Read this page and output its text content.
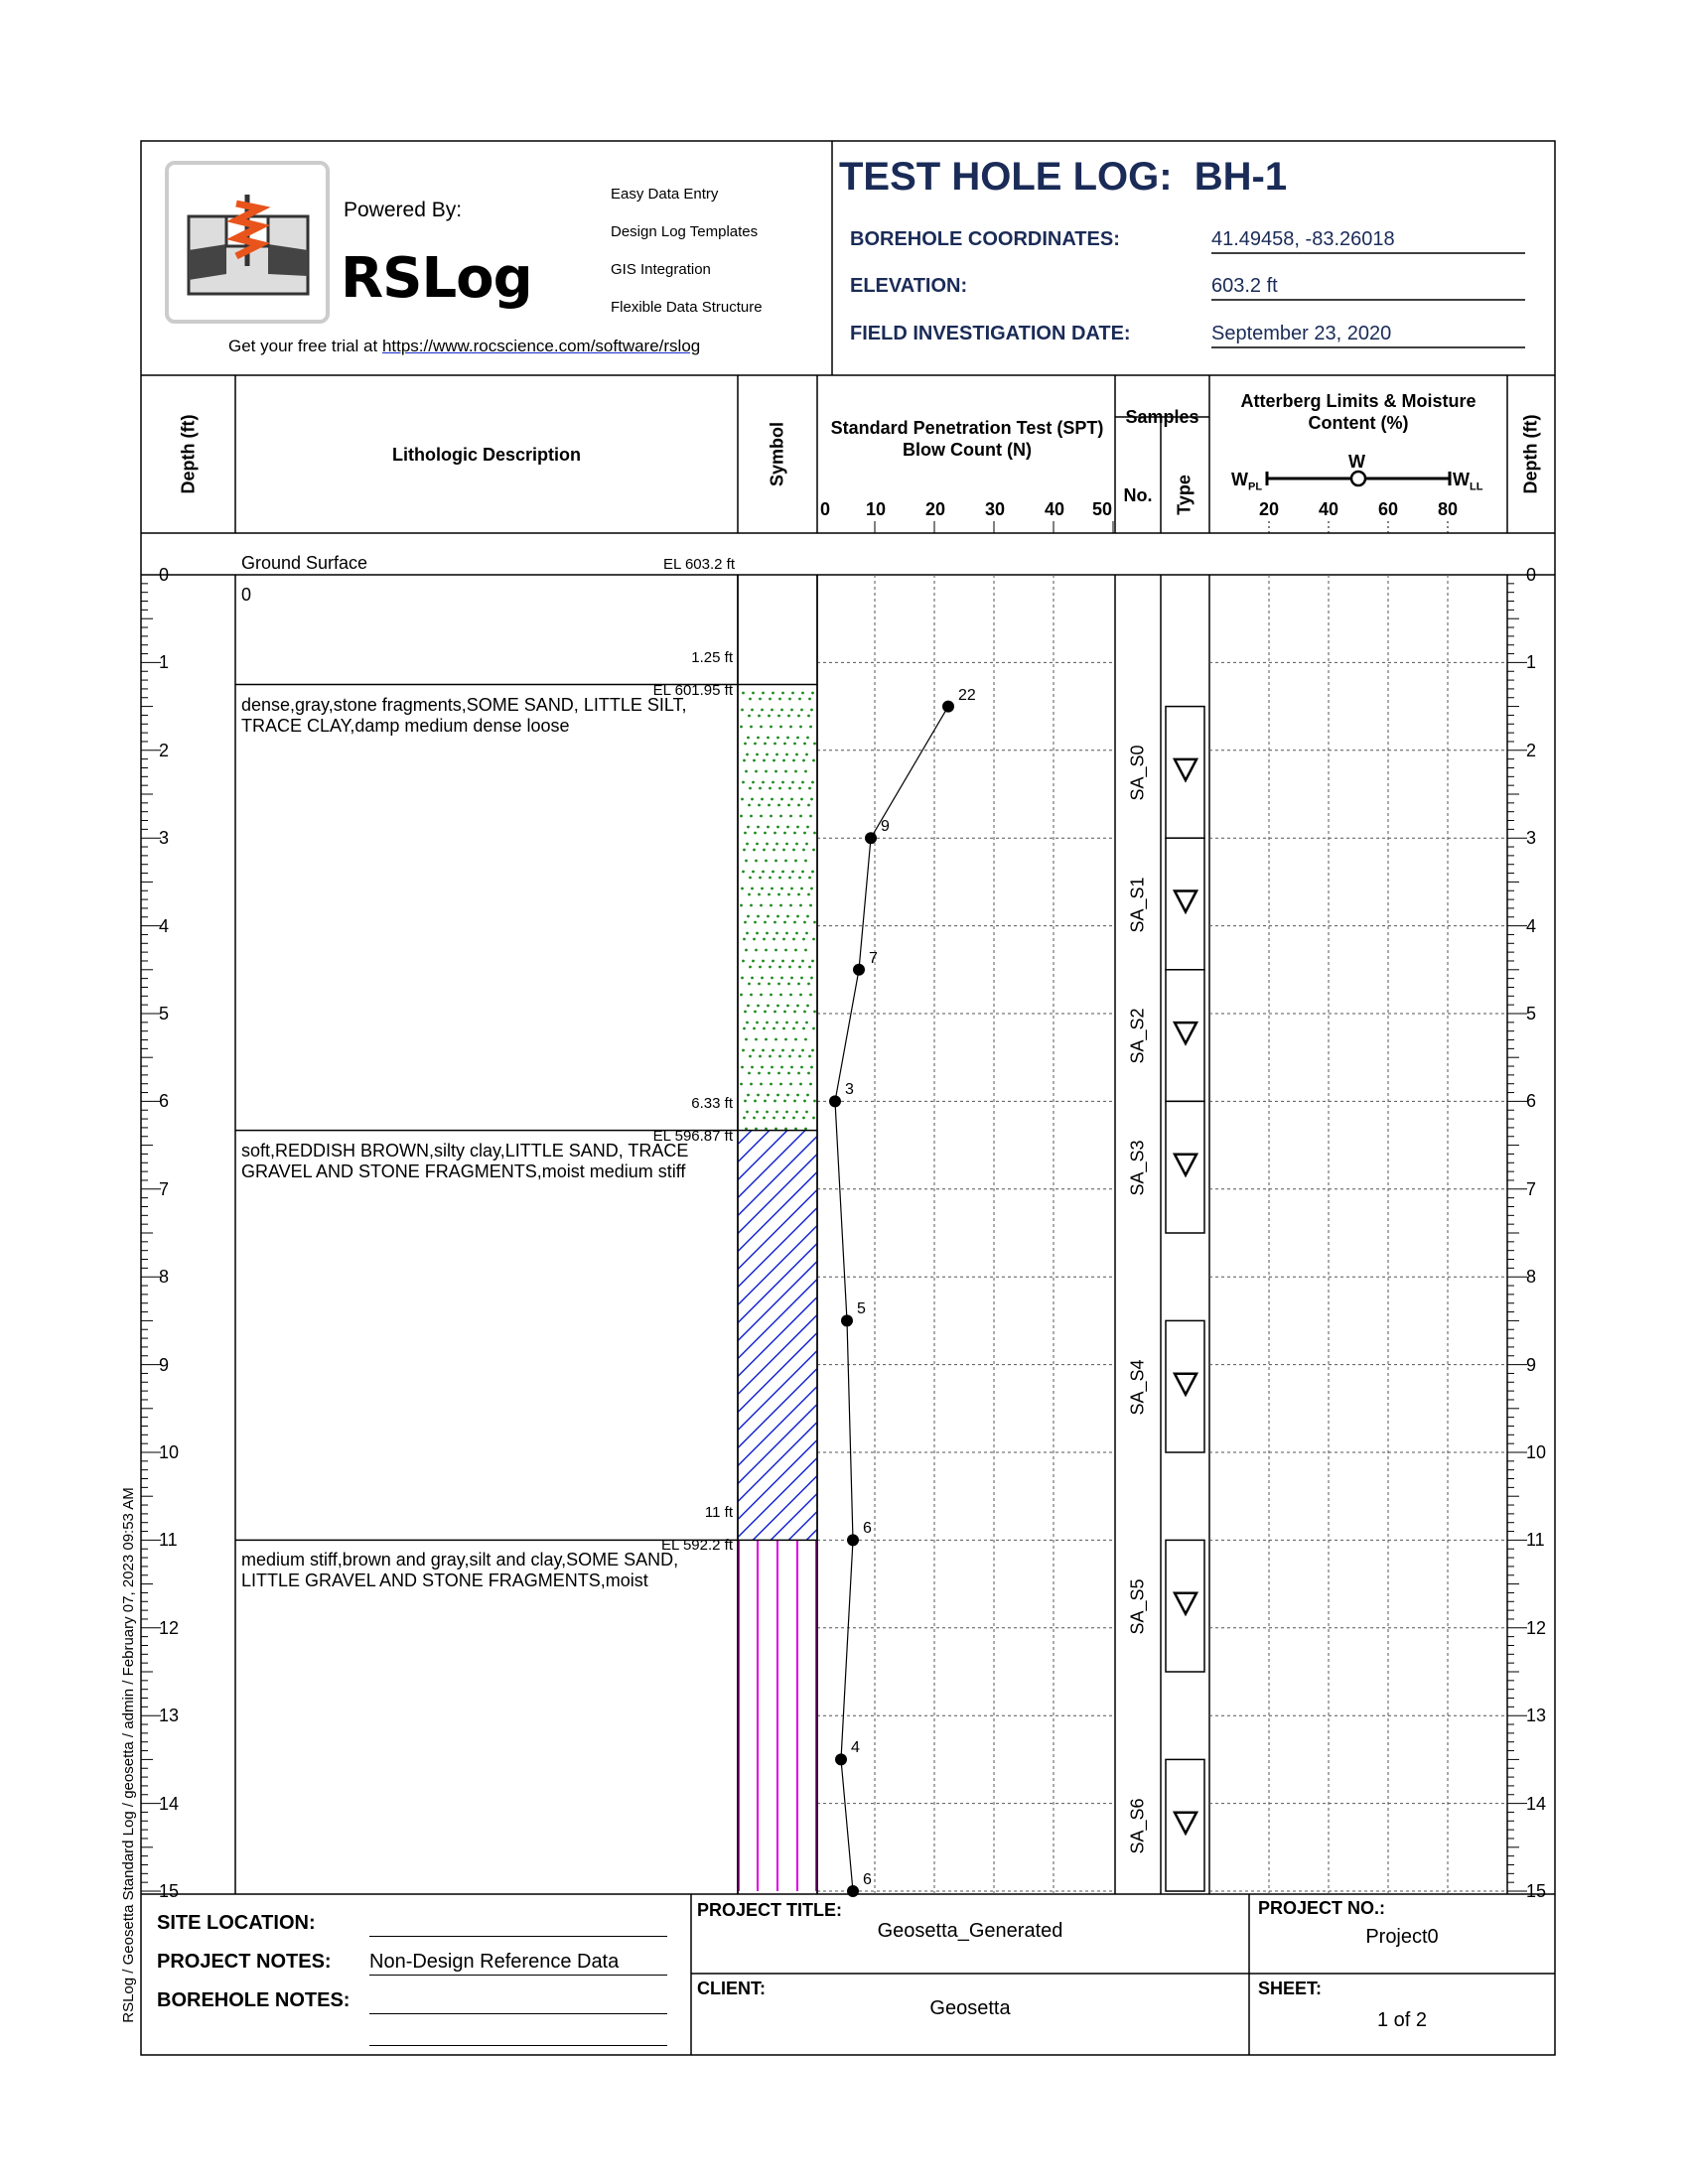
Powered By:
RSLog
Easy Data Entry
Design Log Templates
GIS Integration
Flexible Data Structure
Get your free trial at https://www.rocscience.com/software/rslog
TEST HOLE LOG:  BH-1
BOREHOLE COORDINATES:	41.49458, -83.26018
ELEVATION:	603.2 ft
FIELD INVESTIGATION DATE:	September 23, 2020
Depth (ft)	Lithologic Description	Symbol	Standard Penetration Test (SPT) Blow Count (N)
0 10 20 30 40 50
Samples
No.	Type
Atterberg Limits & Moisture Content (%)
W
$W_{PL}$	$W_{LL}$
20 40 60 80
Depth (ft)
Ground Surface	EL 603.2 ft
0	0
1	1
2	2
3	3
4	4
5	5
6	6
7	7
8	8
9	9
10	10
11	11
12	12
13	13
14	14
15	15
0
1.25 ft
EL 601.95 ft
dense,gray,stone fragments,SOME SAND, LITTLE SILT, TRACE CLAY,damp medium dense loose
6.33 ft
EL 596.87 ft
soft,REDDISH BROWN,silty clay,LITTLE SAND, TRACE GRAVEL AND STONE FRAGMENTS,moist medium stiff
11 ft
EL 592.2 ft
medium stiff,brown and gray,silt and clay,SOME SAND, LITTLE GRAVEL AND STONE FRAGMENTS,moist
SA_S0
SA_S1
SA_S2
SA_S3
SA_S4
SA_S5
SA_S6
22
9
7
3
5
6
4
6
SITE LOCATION:
PROJECT NOTES: Non-Design Reference Data
BOREHOLE NOTES:
PROJECT TITLE:
Geosetta_Generated
CLIENT:
Geosetta
PROJECT NO.:
Project0
SHEET:
1 of 2
RSLog / Geosetta Standard Log / geosetta / admin / February 07, 2023 09:53 AM
